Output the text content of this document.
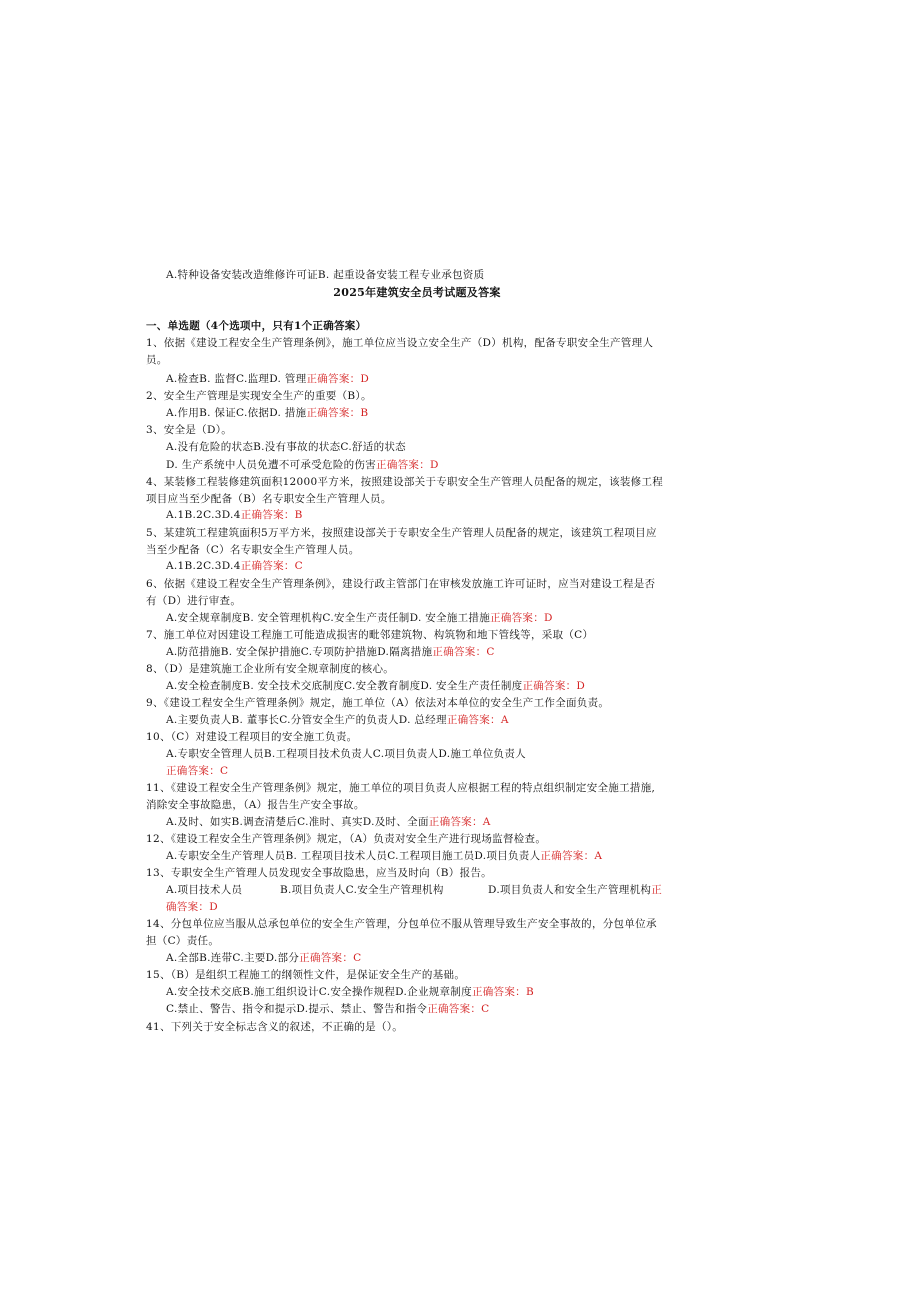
A.特种设备安装改造维修许可证B. 起重设备安装工程专业承包资质
2025年建筑安全员考试题及答案
一、单选题（4个选项中，只有1个正确答案）
1、依据《建设工程安全生产管理条例》，施工单位应当设立安全生产（D）机构，配备专职安全生产管理人
员。
A.检查B. 监督C.监理D. 管理正确答案：D
2、安全生产管理是实现安全生产的重要（B）。
A.作用B. 保证C.依据D. 措施正确答案：B
3、安全是（D）。
A.没有危险的状态B.没有事故的状态C.舒适的状态
D. 生产系统中人员免遭不可承受危险的伤害正确答案：D
4、某装修工程装修建筑面积12000平方米，按照建设部关于专职安全生产管理人员配备的规定，该装修工程
项目应当至少配备（B）名专职安全生产管理人员。
A.1B.2C.3D.4正确答案：B
5、某建筑工程建筑面积5万平方米，按照建设部关于专职安全生产管理人员配备的规定，该建筑工程项目应
当至少配备（C）名专职安全生产管理人员。
A.1B.2C.3D.4正确答案：C
6、依据《建设工程安全生产管理条例》，建设行政主管部门在审核发放施工许可证时，应当对建设工程是否
有（D）进行审查。
A.安全规章制度B. 安全管理机构C.安全生产责任制D. 安全施工措施正确答案：D
7、施工单位对因建设工程施工可能造成损害的毗邻建筑物、构筑物和地下管线等，采取（C）
A.防范措施B. 安全保护措施C.专项防护措施D.隔离措施正确答案：C
8、（D）是建筑施工企业所有安全规章制度的核心。
A.安全检查制度B. 安全技术交底制度C.安全教育制度D. 安全生产责任制度正确答案：D
9、《建设工程安全生产管理条例》规定，施工单位（A）依法对本单位的安全生产工作全面负责。
A.主要负责人B. 董事长C.分管安全生产的负责人D. 总经理正确答案：A
10、（C）对建设工程项目的安全施工负责。
A.专职安全管理人员B.工程项目技术负责人C.项目负责人D.施工单位负责人
正确答案：C
11、《建设工程安全生产管理条例》规定，施工单位的项目负责人应根据工程的特点组织制定安全施工措施,
消除安全事故隐患，（A）报告生产安全事故。
A.及时、如实B.调查清楚后C.准时、真实D.及时、全面正确答案：A
12、《建设工程安全生产管理条例》规定，（A）负责对安全生产进行现场监督检查。
A.专职安全生产管理人员B. 工程项目技术人员C.工程项目施工员D.项目负责人正确答案：A
13、专职安全生产管理人员发现安全事故隐患，应当及时向（B）报告。
A.项目技术人员	B.项目负责人C.安全生产管理机构	D.项目负责人和安全生产管理机构正
确答案：D
14、分包单位应当服从总承包单位的安全生产管理，分包单位不服从管理导致生产安全事故的，分包单位承
担（C）责任。
A.全部B.连带C.主要D.部分正确答案：C
15、（B）是组织工程施工的纲领性文件，是保证安全生产的基础。
A.安全技术交底B.施工组织设计C.安全操作规程D.企业规章制度正确答案：B
C.禁止、警告、指令和提示D.提示、禁止、警告和指令正确答案：C
41、下列关于安全标志含义的叙述，不正确的是（）。
